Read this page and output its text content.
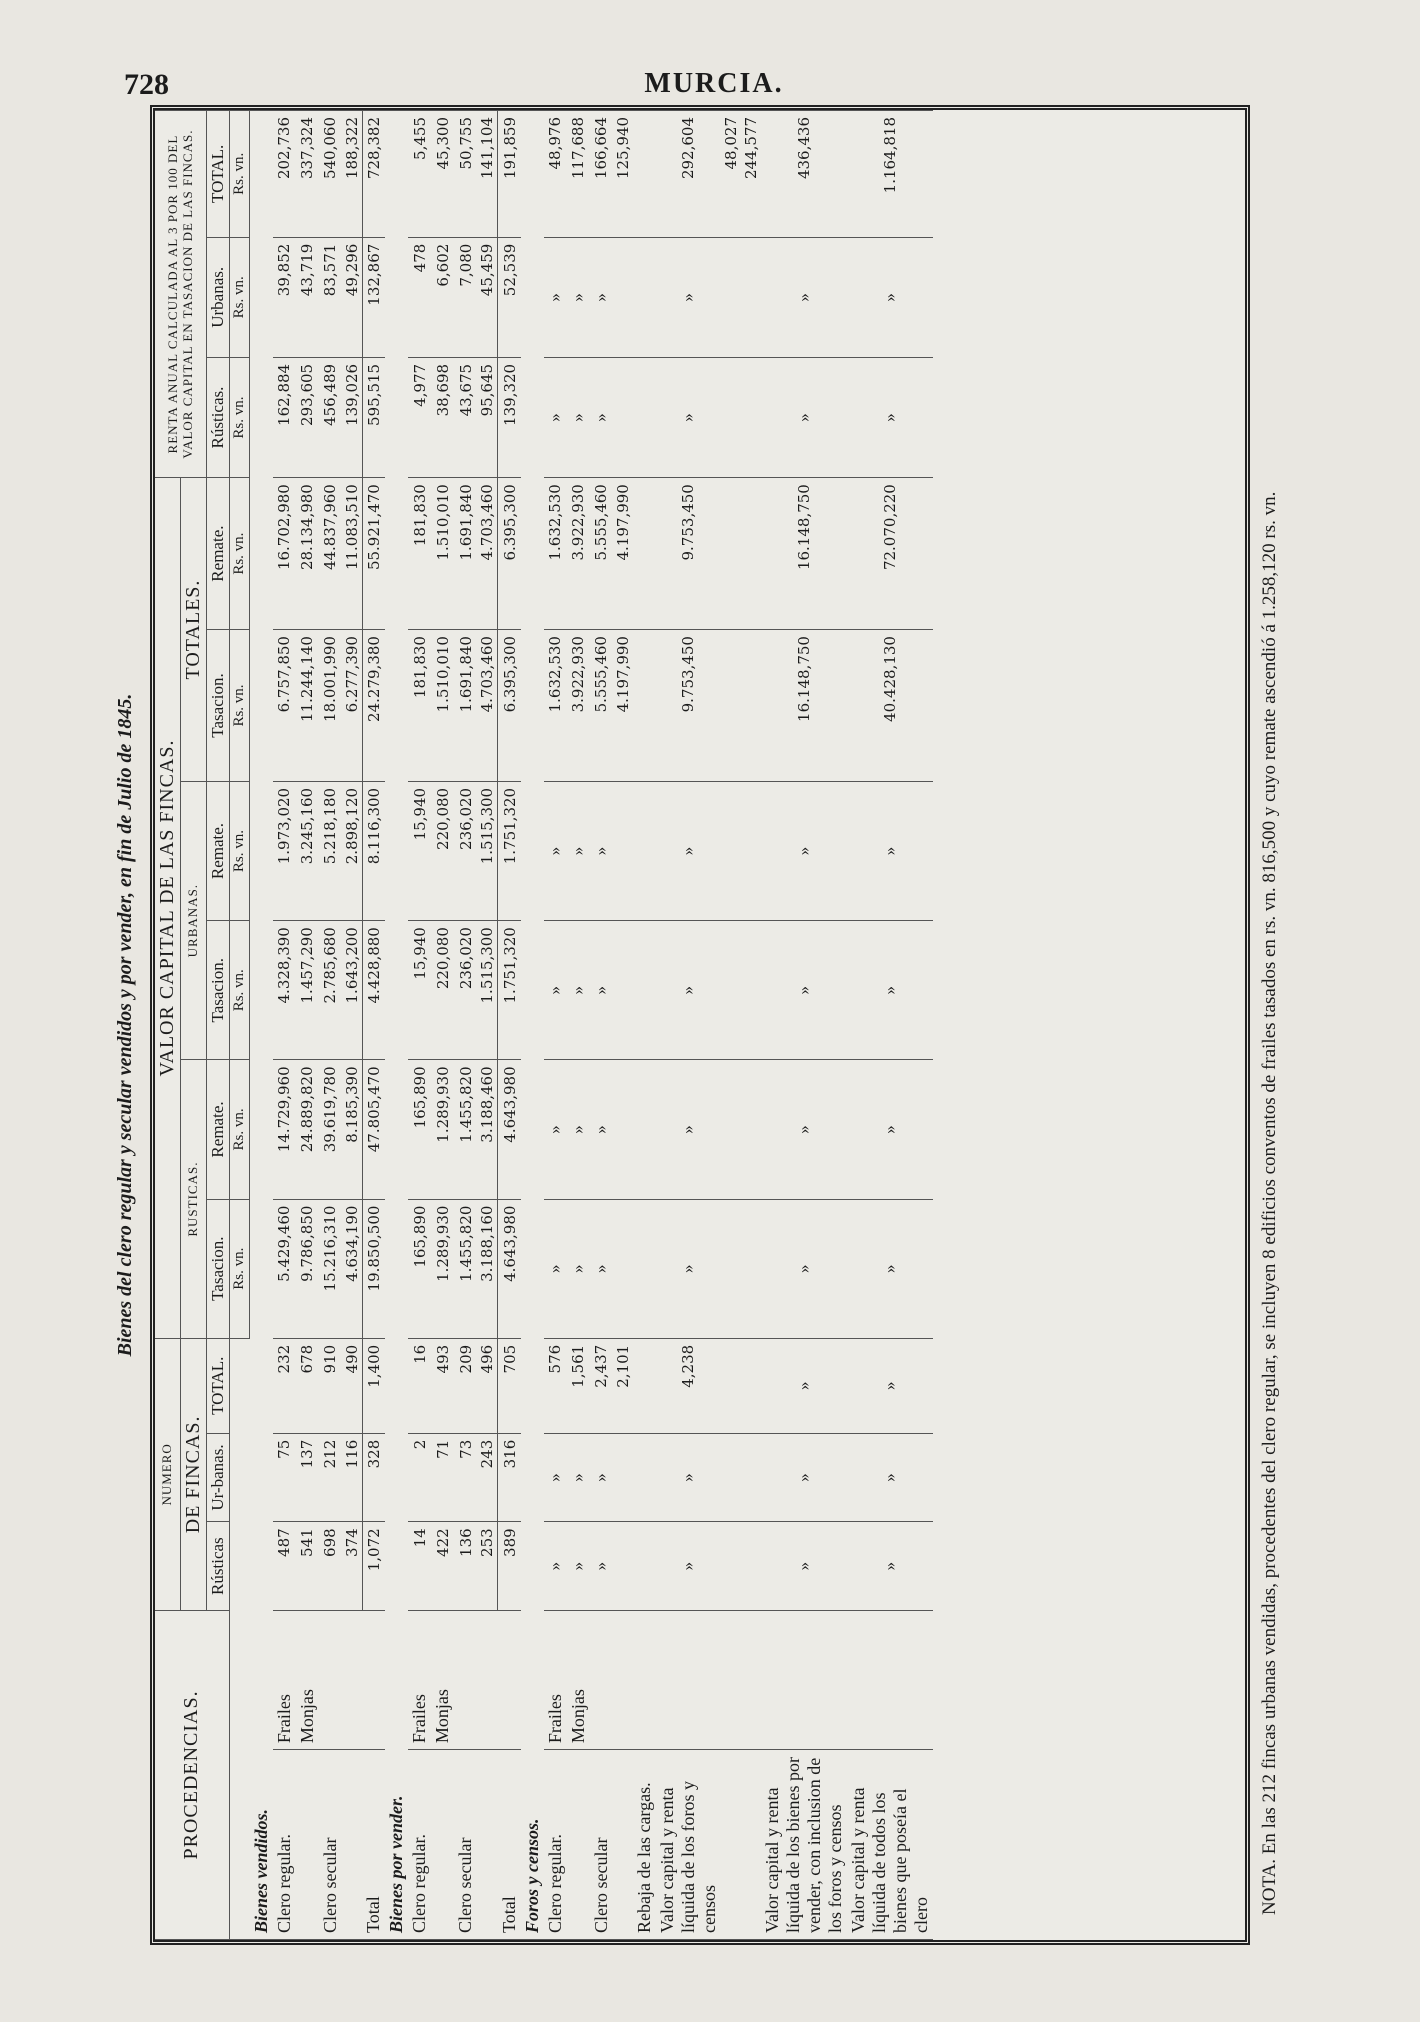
728	MURCIA.
Bienes del clero regular y secular vendidos y por vender, en fin de Julio de 1845.
PROCEDENCIAS.		NUMERO			VALOR CAPITAL DE LAS FINCAS.						RENTA ANUAL CALCULADA AL 3 POR 100 DEL VALOR CAPITAL EN TASACION DE LAS FINCAS.		
		DE FINCAS.			RUSTICAS.		URBANAS.		TOTALES.				
		Rústicas	Ur-banas.	TOTAL.	Tasacion.	Remate.	Tasacion.	Remate.	Tasacion.	Remate.	Rústicas.	Urbanas.	TOTAL.
					Rs. vn.	Rs. vn.	Rs. vn.	Rs. vn.	Rs. vn.	Rs. vn.	Rs. vn.	Rs. vn.	Rs. vn.
Bienes vendidos.													
Clero regular.	Frailes	487	75	232	5.429,460	14.729,960	4.328,390	1.973,020	6.757,850	16.702,980	162,884	39,852	202,736
	Monjas	541	137	678	9.786,850	24.889,820	1.457,290	3.245,160	11.244,140	28.134,980	293,605	43,719	337,324
Clero secular		698	212	910	15.216,310	39.619,780	2.785,680	5.218,180	18.001,990	44.837,960	456,489	83,571	540,060
		374	116	490	4.634,190	8.185,390	1.643,200	2.898,120	6.277,390	11.083,510	139,026	49,296	188,322
Total		1,072	328	1,400	19.850,500	47.805,470	4.428,880	8.116,300	24.279,380	55.921,470	595,515	132,867	728,382
Bienes por vender.													
Clero regular.	Frailes	14	2	16	165,890	165,890	15,940	15,940	181,830	181,830	4,977	478	5,455
	Monjas	422	71	493	1.289,930	1.289,930	220,080	220,080	1.510,010	1.510,010	38,698	6,602	45,300
Clero secular		136	73	209	1.455,820	1.455,820	236,020	236,020	1.691,840	1.691,840	43,675	7,080	50,755
		253	243	496	3.188,160	3.188,460	1.515,300	1.515,300	4.703,460	4.703,460	95,645	45,459	141,104
Total		389	316	705	4.643,980	4.643,980	1.751,320	1.751,320	6.395,300	6.395,300	139,320	52,539	191,859
Foros y censos.													
Clero regular.	Frailes	»	»	576	»	»	»	»	1.632,530	1.632,530	»	»	48,976
	Monjas	»	»	1,561	»	»	»	»	3.922,930	3.922,930	»	»	117,688
Clero secular		»	»	2,437	»	»	»	»	5.555,460	5.555,460	»	»	166,664
				2,101					4.197,990	4.197,990			125,940
Rebaja de las cargas.													
Valor capital y renta líquida de los foros y censos		»	»	4,238	»	»	»	»	9.753,450	9.753,450	»	»	292,604
													48,027
													244,577
Valor capital y renta líquida de los bienes por vender, con inclusion de los foros y censos		»	»	»	»	»	»	»	16.148,750	16.148,750	»	»	436,436
Valor capital y renta líquida de todos los bienes que poseía el clero		»	»	»	»	»	»	»	40.428,130	72.070,220	»	»	1.164,818
NOTA. En las 212 fincas urbanas vendidas, procedentes del clero regular, se incluyen 8 edificios conventos de frailes tasados en rs. vn. 816,500 y cuyo remate ascendió á 1.258,120 rs. vn.
